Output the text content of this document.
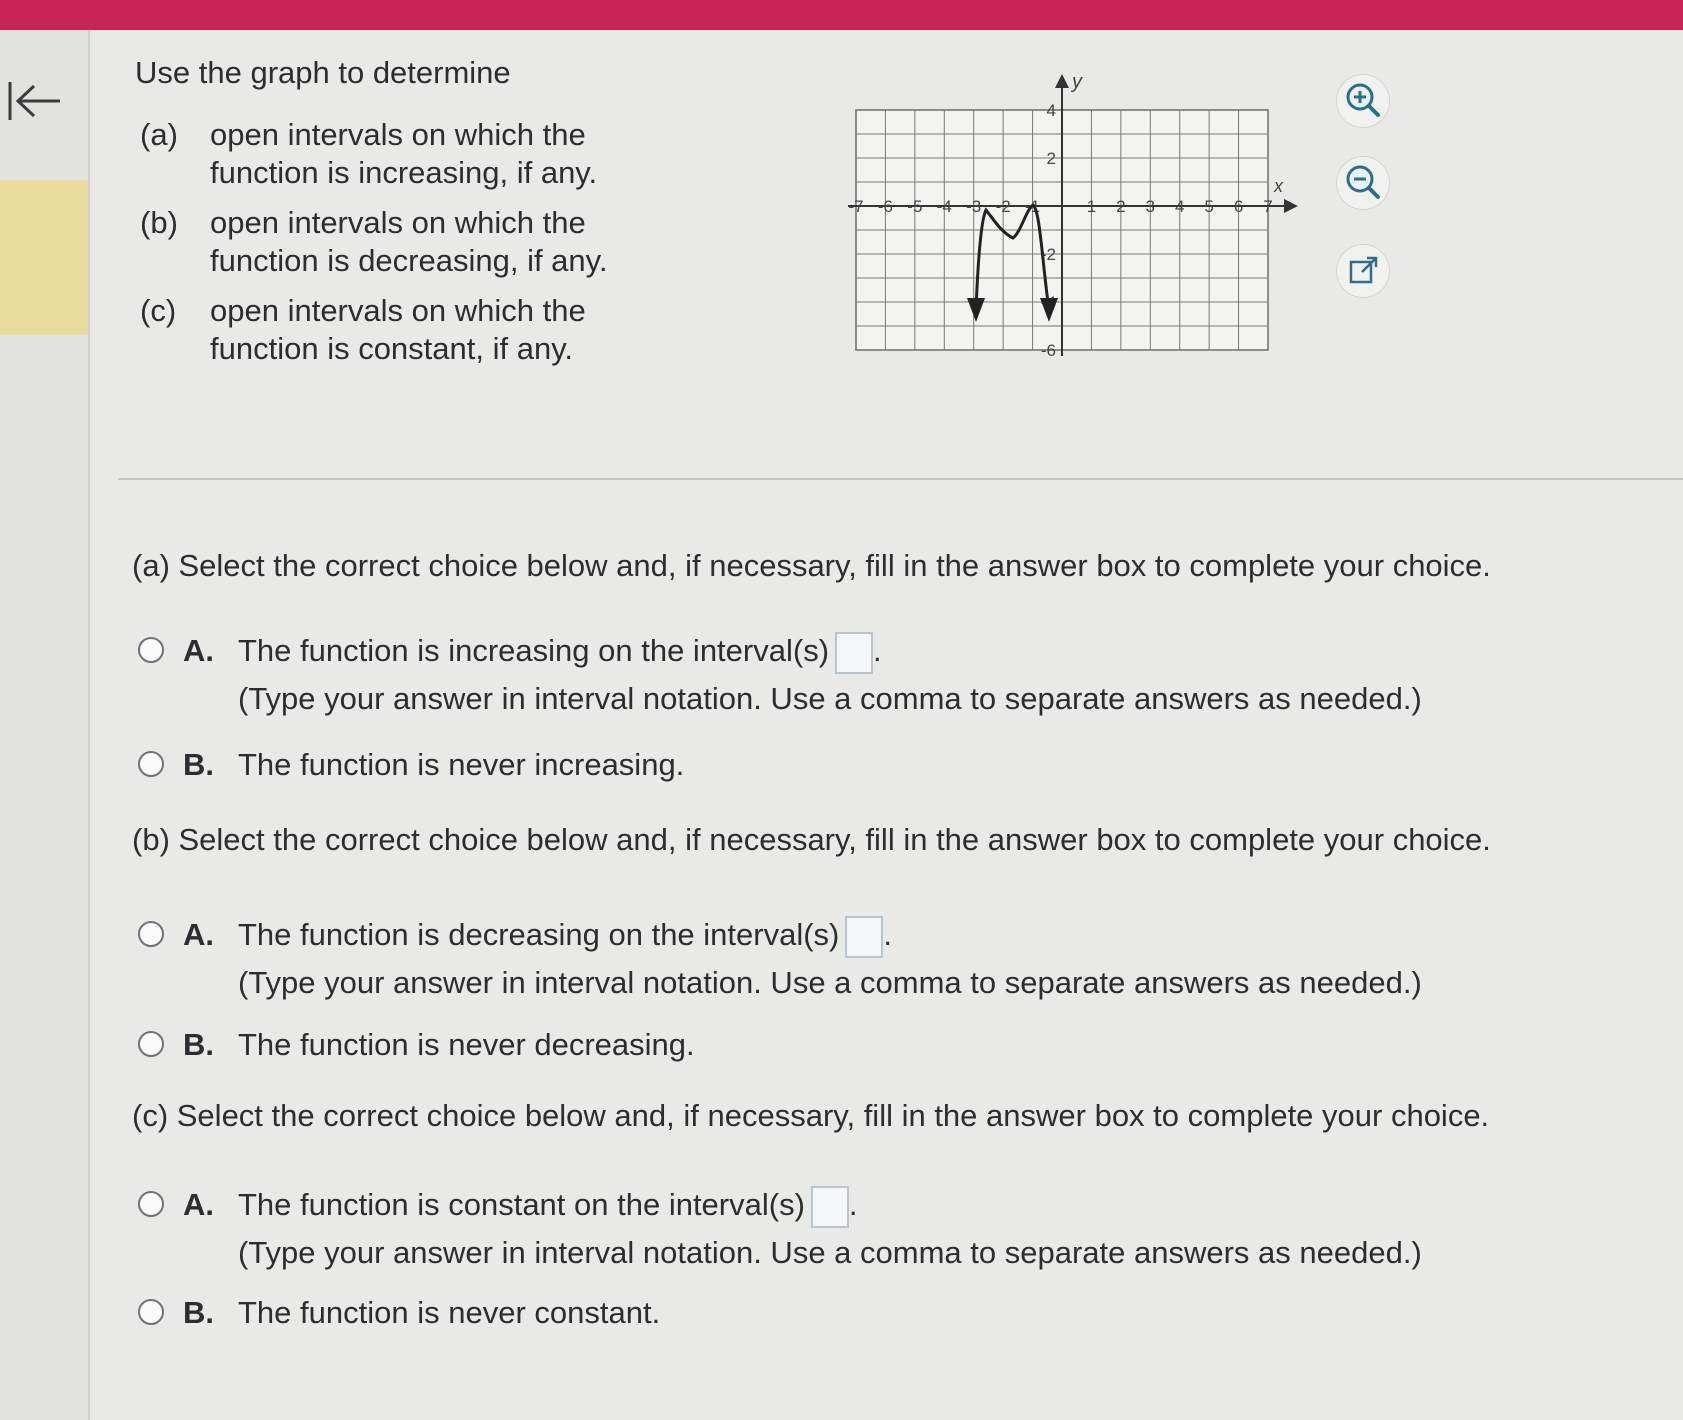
Use the graph to determine
(a)	open intervals on which the
function is increasing, if any.
(b)	open intervals on which the
function is decreasing, if any.
(c)	open intervals on which the
function is constant, if any.
-7 -6 -5 -4 -3 -2 -1	1 2 3 4 5 6 7
4
2
-2
-6
x
y
(a) Select the correct choice below and, if necessary, fill in the answer box to complete your choice.
A. The function is increasing on the interval(s) .
(Type your answer in interval notation. Use a comma to separate answers as needed.)
B. The function is never increasing.
(b) Select the correct choice below and, if necessary, fill in the answer box to complete your choice.
A. The function is decreasing on the interval(s) .
(Type your answer in interval notation. Use a comma to separate answers as needed.)
B. The function is never decreasing.
(c) Select the correct choice below and, if necessary, fill in the answer box to complete your choice.
A. The function is constant on the interval(s) .
(Type your answer in interval notation. Use a comma to separate answers as needed.)
B. The function is never constant.
